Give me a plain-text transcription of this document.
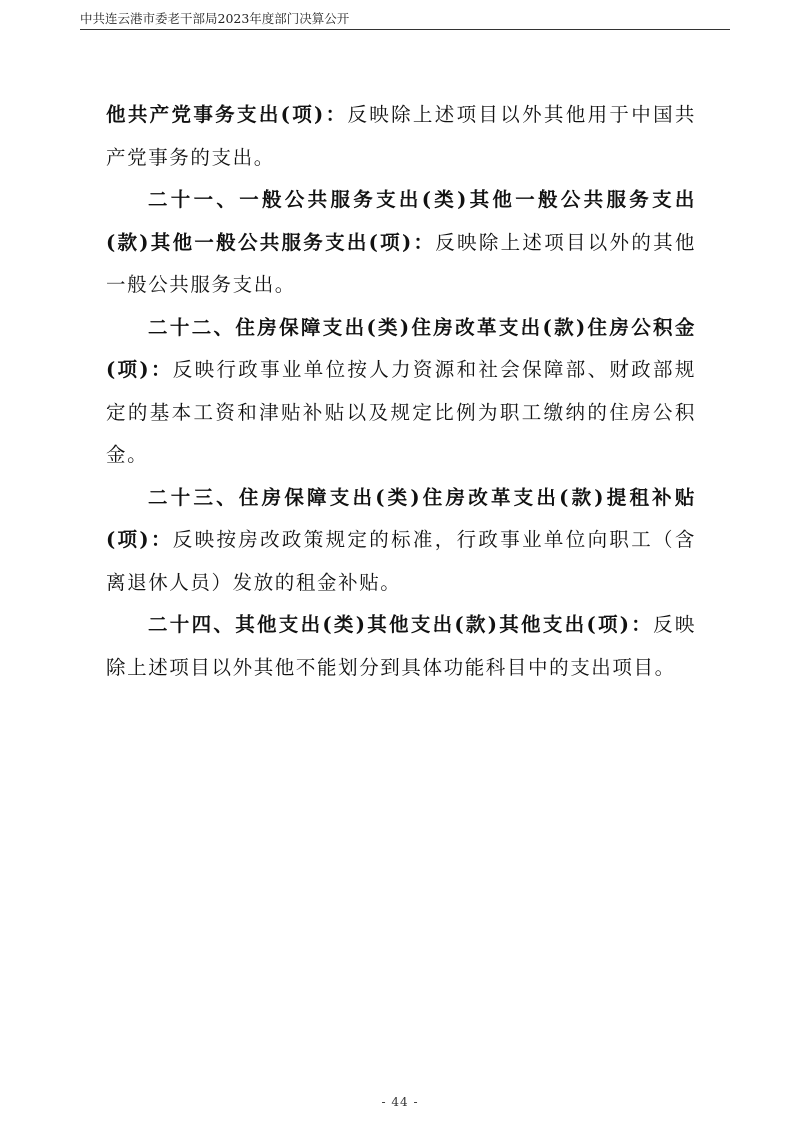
中共连云港市委老干部局2023年度部门决算公开

他共产党事务支出(项)：反映除上述项目以外其他用于中国共产党事务的支出。

二十一、一般公共服务支出(类)其他一般公共服务支出(款)其他一般公共服务支出(项)：反映除上述项目以外的其他一般公共服务支出。

二十二、住房保障支出(类)住房改革支出(款)住房公积金(项)：反映行政事业单位按人力资源和社会保障部、财政部规定的基本工资和津贴补贴以及规定比例为职工缴纳的住房公积金。

二十三、住房保障支出(类)住房改革支出(款)提租补贴(项)：反映按房改政策规定的标准，行政事业单位向职工（含离退休人员）发放的租金补贴。

二十四、其他支出(类)其他支出(款)其他支出(项)：反映除上述项目以外其他不能划分到具体功能科目中的支出项目。

- 44 -
